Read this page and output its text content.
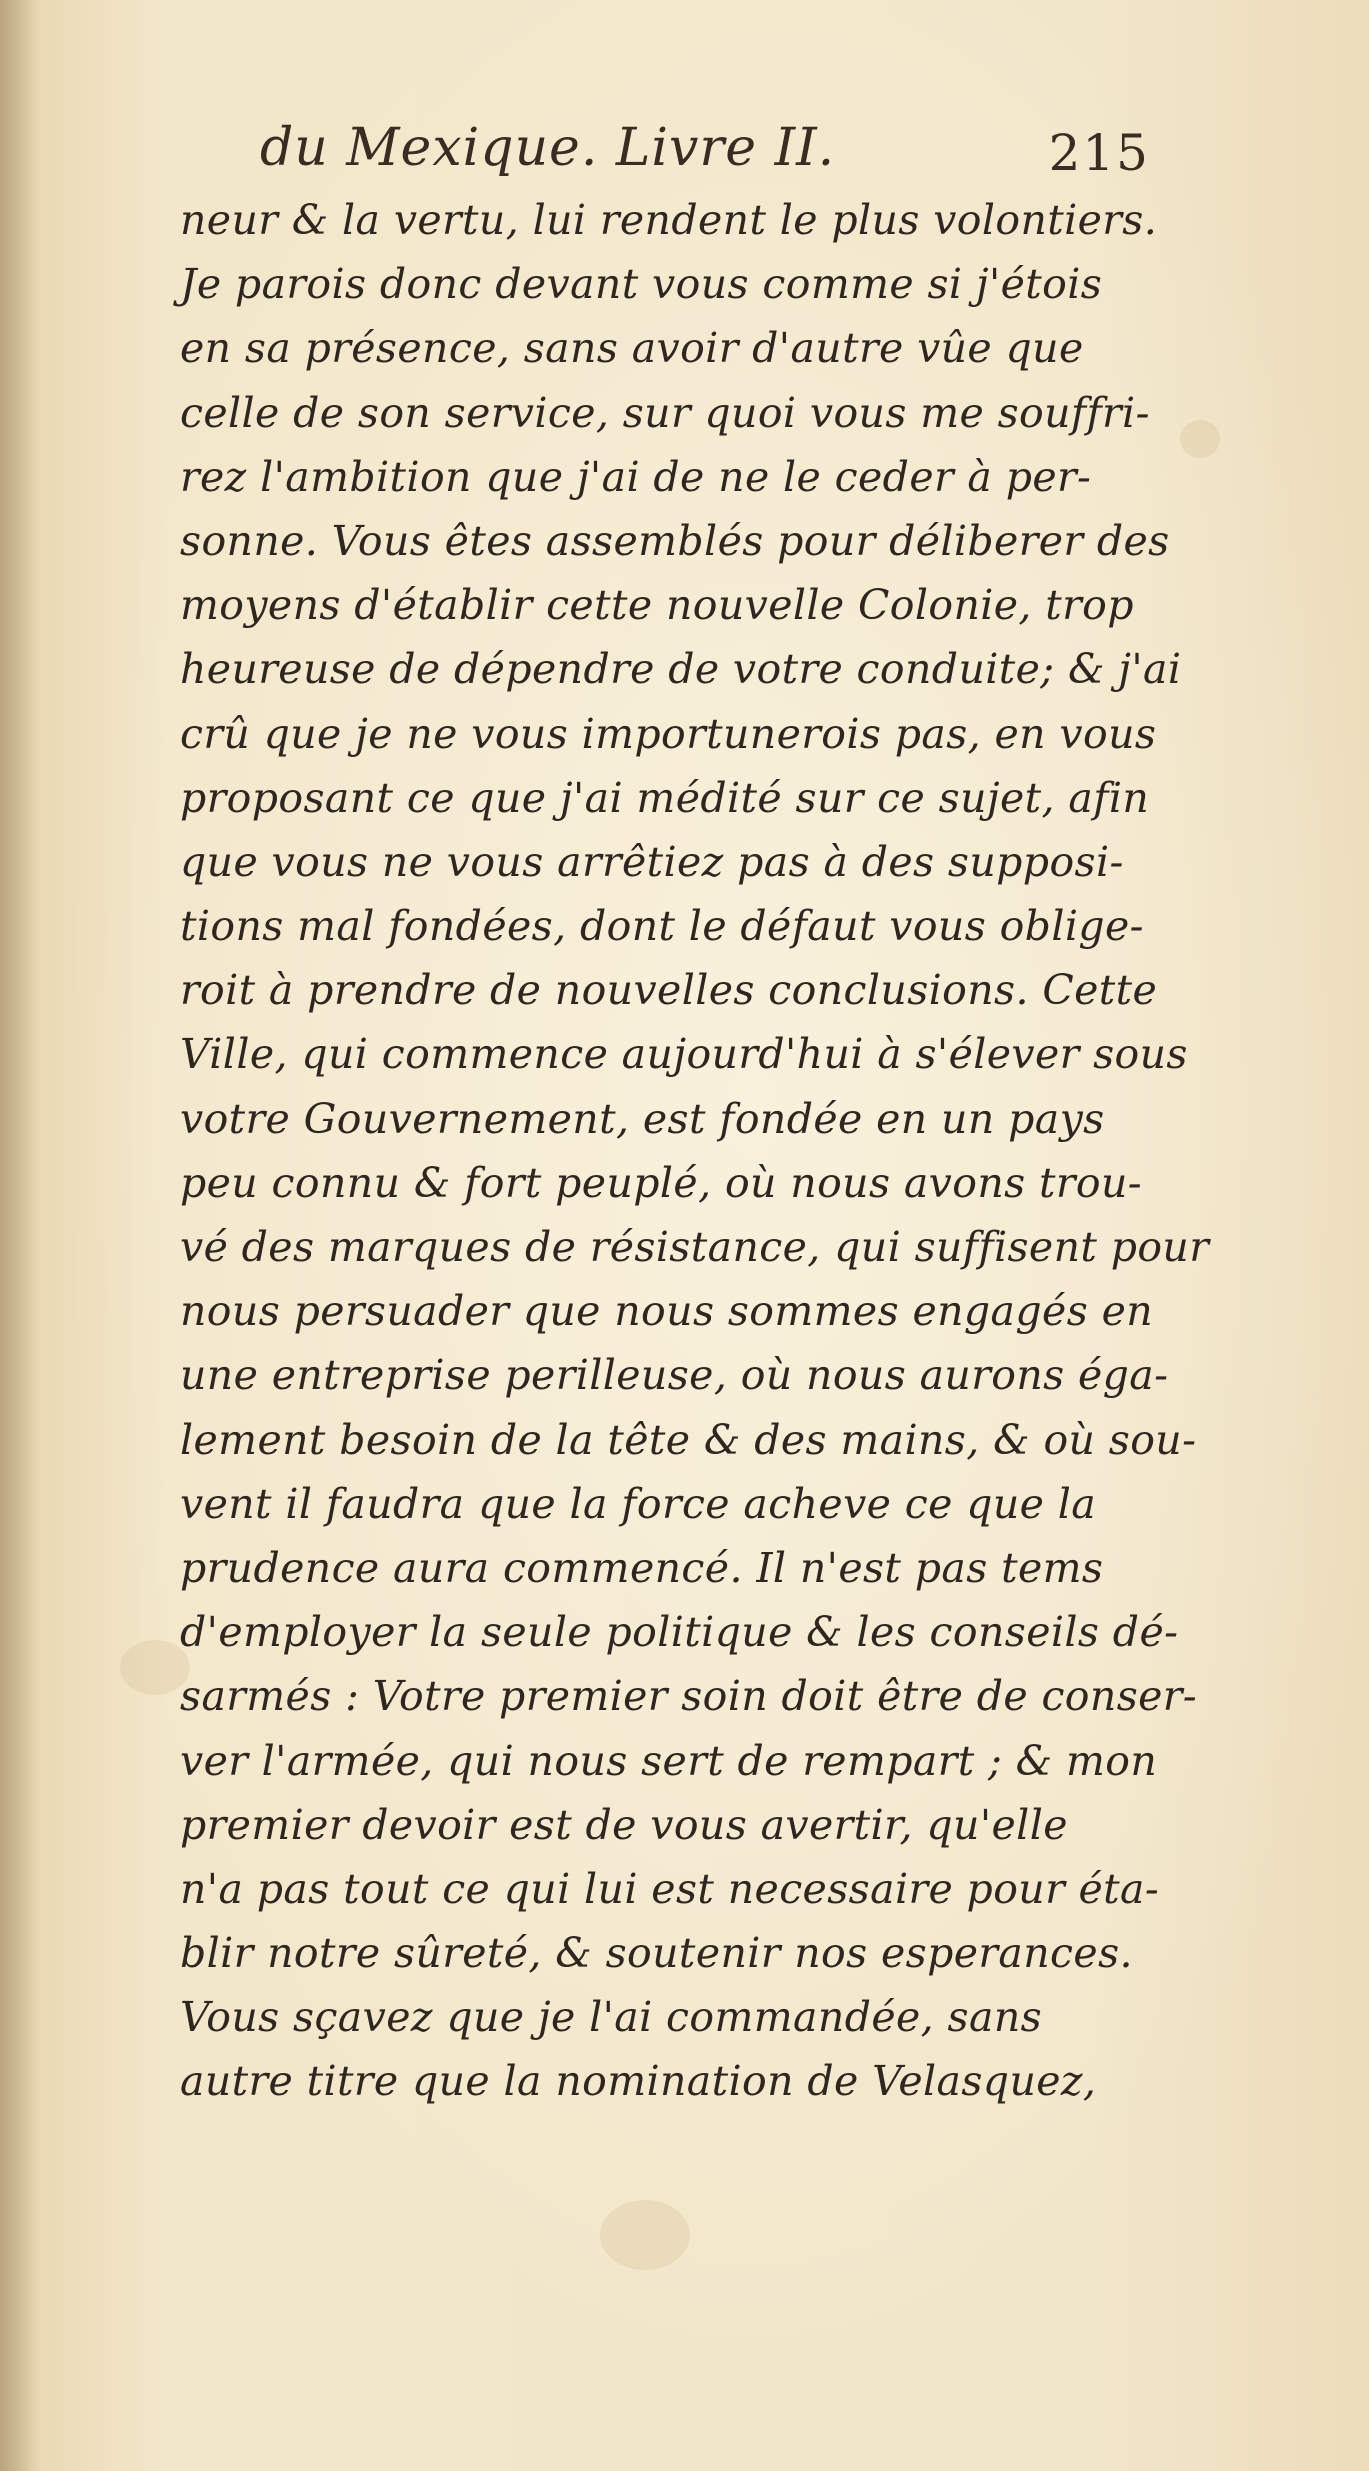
du Mexique. Livre II.	215
neur & la vertu, lui rendent le plus volontiers.
Je parois donc devant vous comme si j'étois
en sa présence, sans avoir d'autre vûe que
celle de son service, sur quoi vous me souffri-
rez l'ambition que j'ai de ne le ceder à per-
sonne. Vous êtes assemblés pour déliberer des
moyens d'établir cette nouvelle Colonie, trop
heureuse de dépendre de votre conduite; & j'ai
crû que je ne vous importunerois pas, en vous
proposant ce que j'ai médité sur ce sujet, afin
que vous ne vous arrêtiez pas à des supposi-
tions mal fondées, dont le défaut vous oblige-
roit à prendre de nouvelles conclusions. Cette
Ville, qui commence aujourd'hui à s'élever sous
votre Gouvernement, est fondée en un pays
peu connu & fort peuplé, où nous avons trou-
vé des marques de résistance, qui suffisent pour
nous persuader que nous sommes engagés en
une entreprise perilleuse, où nous aurons éga-
lement besoin de la tête & des mains, & où sou-
vent il faudra que la force acheve ce que la
prudence aura commencé. Il n'est pas tems
d'employer la seule politique & les conseils dé-
sarmés : Votre premier soin doit être de conser-
ver l'armée, qui nous sert de rempart ; & mon
premier devoir est de vous avertir, qu'elle
n'a pas tout ce qui lui est necessaire pour éta-
blir notre sûreté, & soutenir nos esperances.
Vous sçavez que je l'ai commandée, sans
autre titre que la nomination de Velasquez,
